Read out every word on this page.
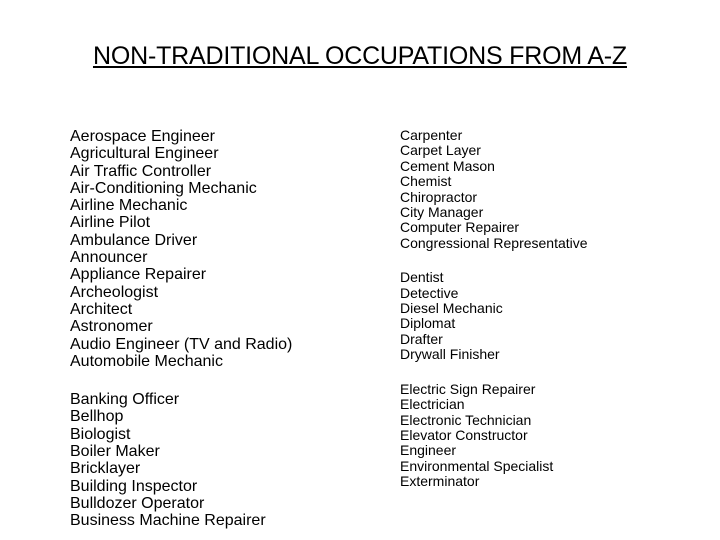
NON-TRADITIONAL OCCUPATIONS FROM A-Z
Aerospace Engineer
Agricultural Engineer
Air Traffic Controller
Air-Conditioning Mechanic
Airline Mechanic
Airline Pilot
Ambulance Driver
Announcer
Appliance Repairer
Archeologist
Architect
Astronomer
Audio Engineer (TV and Radio)
Automobile Mechanic
Banking Officer
Bellhop
Biologist
Boiler Maker
Bricklayer
Building Inspector
Bulldozer Operator
Business Machine Repairer
Carpenter
Carpet Layer
Cement Mason
Chemist
Chiropractor
City Manager
Computer Repairer
Congressional Representative
Dentist
Detective
Diesel Mechanic
Diplomat
Drafter
Drywall Finisher
Electric Sign Repairer
Electrician
Electronic Technician
Elevator Constructor
Engineer
Environmental Specialist
Exterminator
